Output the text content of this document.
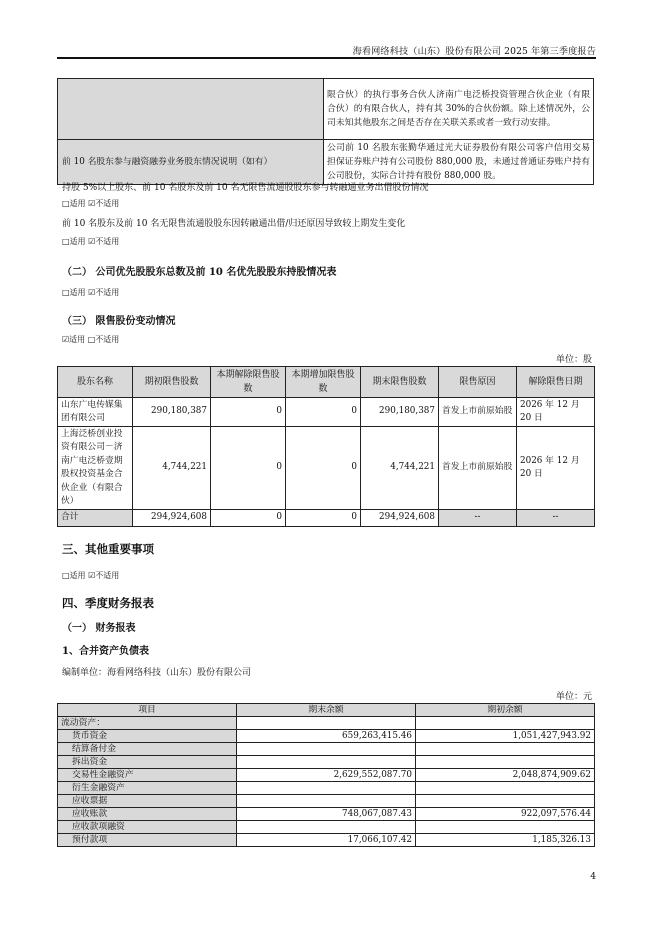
海看网络科技（山东）股份有限公司 2025 年第三季度报告
	限合伙）的执行事务合伙人济南广电泛桥投资管理合伙企业（有限合伙）的有限合伙人，持有其 30%的合伙份额。除上述情况外，公司未知其他股东之间是否存在关联关系或者一致行动安排。
前 10 名股东参与融资融券业务股东情况说明（如有）	公司前 10 名股东张勤华通过光大证券股份有限公司客户信用交易担保证券账户持有公司股份 880,000 股，未通过普通证券账户持有公司股份，实际合计持有股份 880,000 股。
持股 5%以上股东、前 10 名股东及前 10 名无限售流通股股东参与转融通业务出借股份情况
□适用 ☑不适用
前 10 名股东及前 10 名无限售流通股股东因转融通出借/归还原因导致较上期发生变化
□适用 ☑不适用
（二） 公司优先股股东总数及前 10 名优先股股东持股情况表
□适用 ☑不适用
（三） 限售股份变动情况
☑适用 □不适用
单位：股
股东名称	期初限售股数	本期解除限售股数	本期增加限售股数	期末限售股数	限售原因	解除限售日期
山东广电传媒集团有限公司	290,180,387	0	0	290,180,387	首发上市前原始股	2026 年 12 月 20 日
上海泛桥创业投资有限公司－济南广电泛桥壹期股权投资基金合伙企业（有限合伙）	4,744,221	0	0	4,744,221	首发上市前原始股	2026 年 12 月 20 日
合计	294,924,608	0	0	294,924,608	--	--
三、其他重要事项
□适用 ☑不适用
四、季度财务报表
（一） 财务报表
1、合并资产负债表
编制单位：海看网络科技（山东）股份有限公司
单位：元
项目	期末余额	期初余额
流动资产：		
货币资金	659,263,415.46	1,051,427,943.92
结算备付金		
拆出资金		
交易性金融资产	2,629,552,087.70	2,048,874,909.62
衍生金融资产		
应收票据		
应收账款	748,067,087.43	922,097,576.44
应收款项融资		
预付款项	17,066,107.42	1,185,326.13
4
